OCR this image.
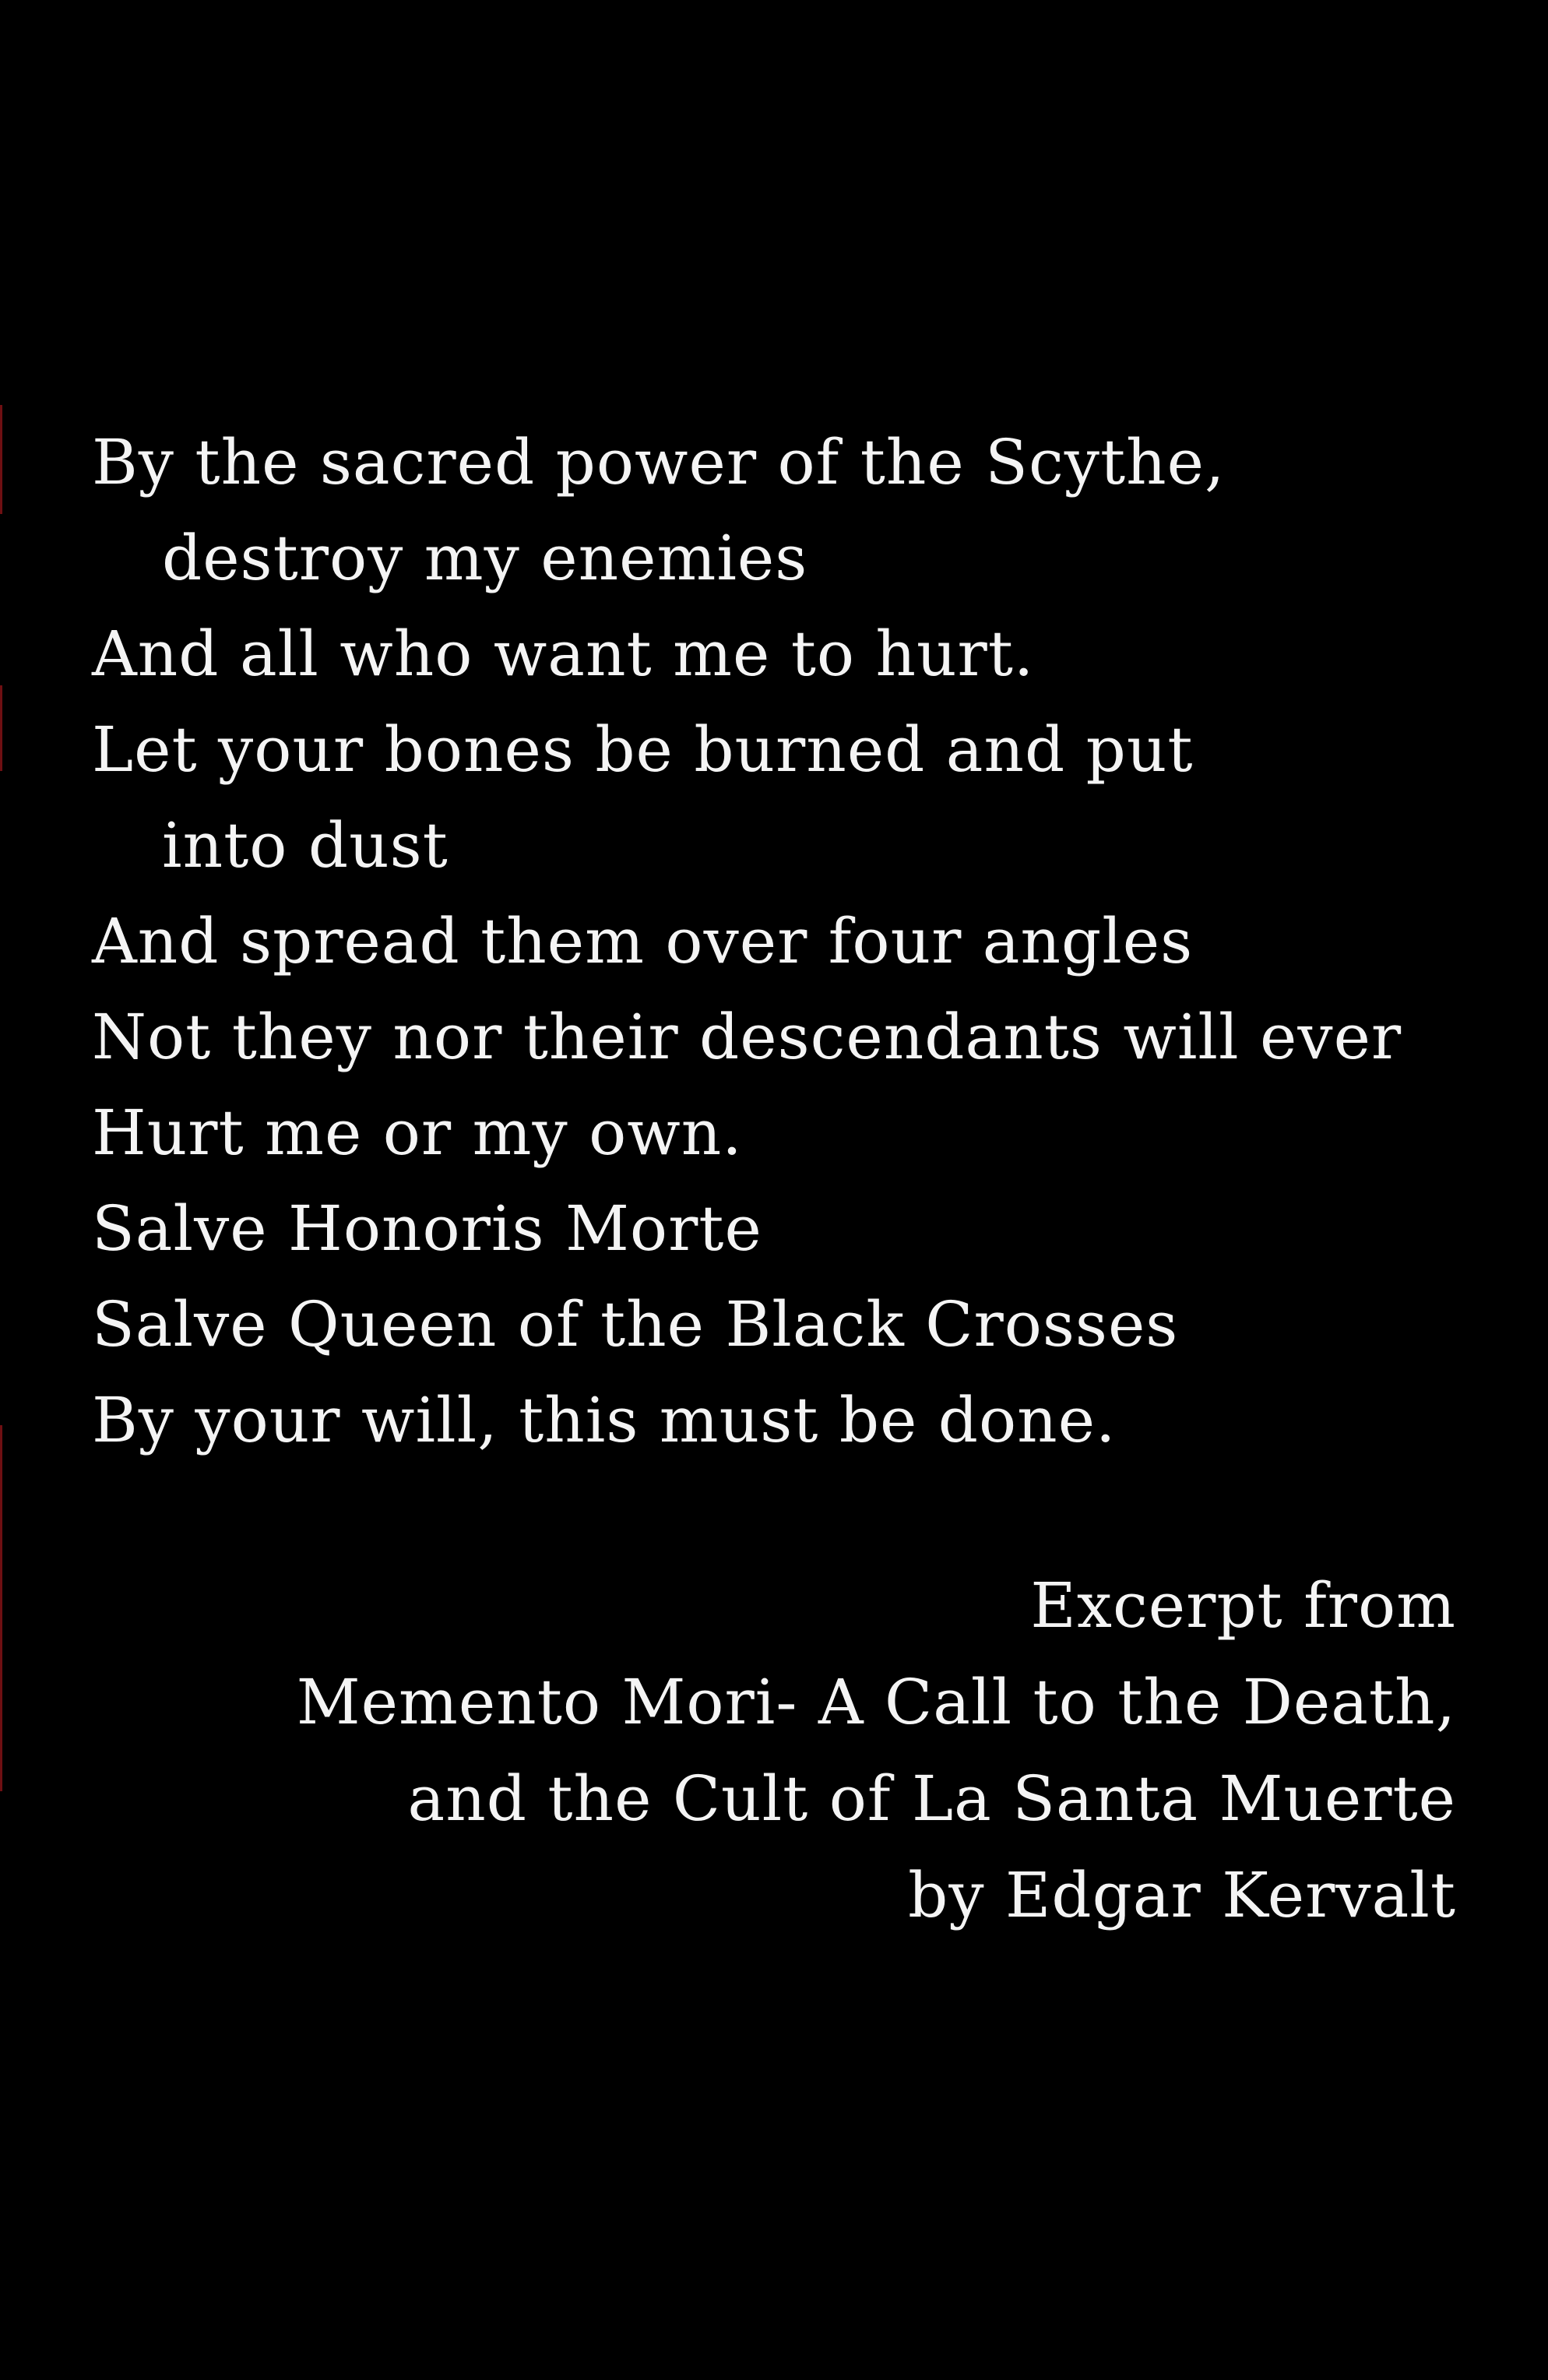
By the sacred power of the Scythe,
destroy my enemies
And all who want me to hurt.
Let your bones be burned and put
into dust
And spread them over four angles
Not they nor their descendants will ever
Hurt me or my own.
Salve Honoris Morte
Salve Queen of the Black Crosses
By your will, this must be done.
Excerpt from
Memento Mori- A Call to the Death,
and the Cult of La Santa Muerte
by Edgar Kervalt
